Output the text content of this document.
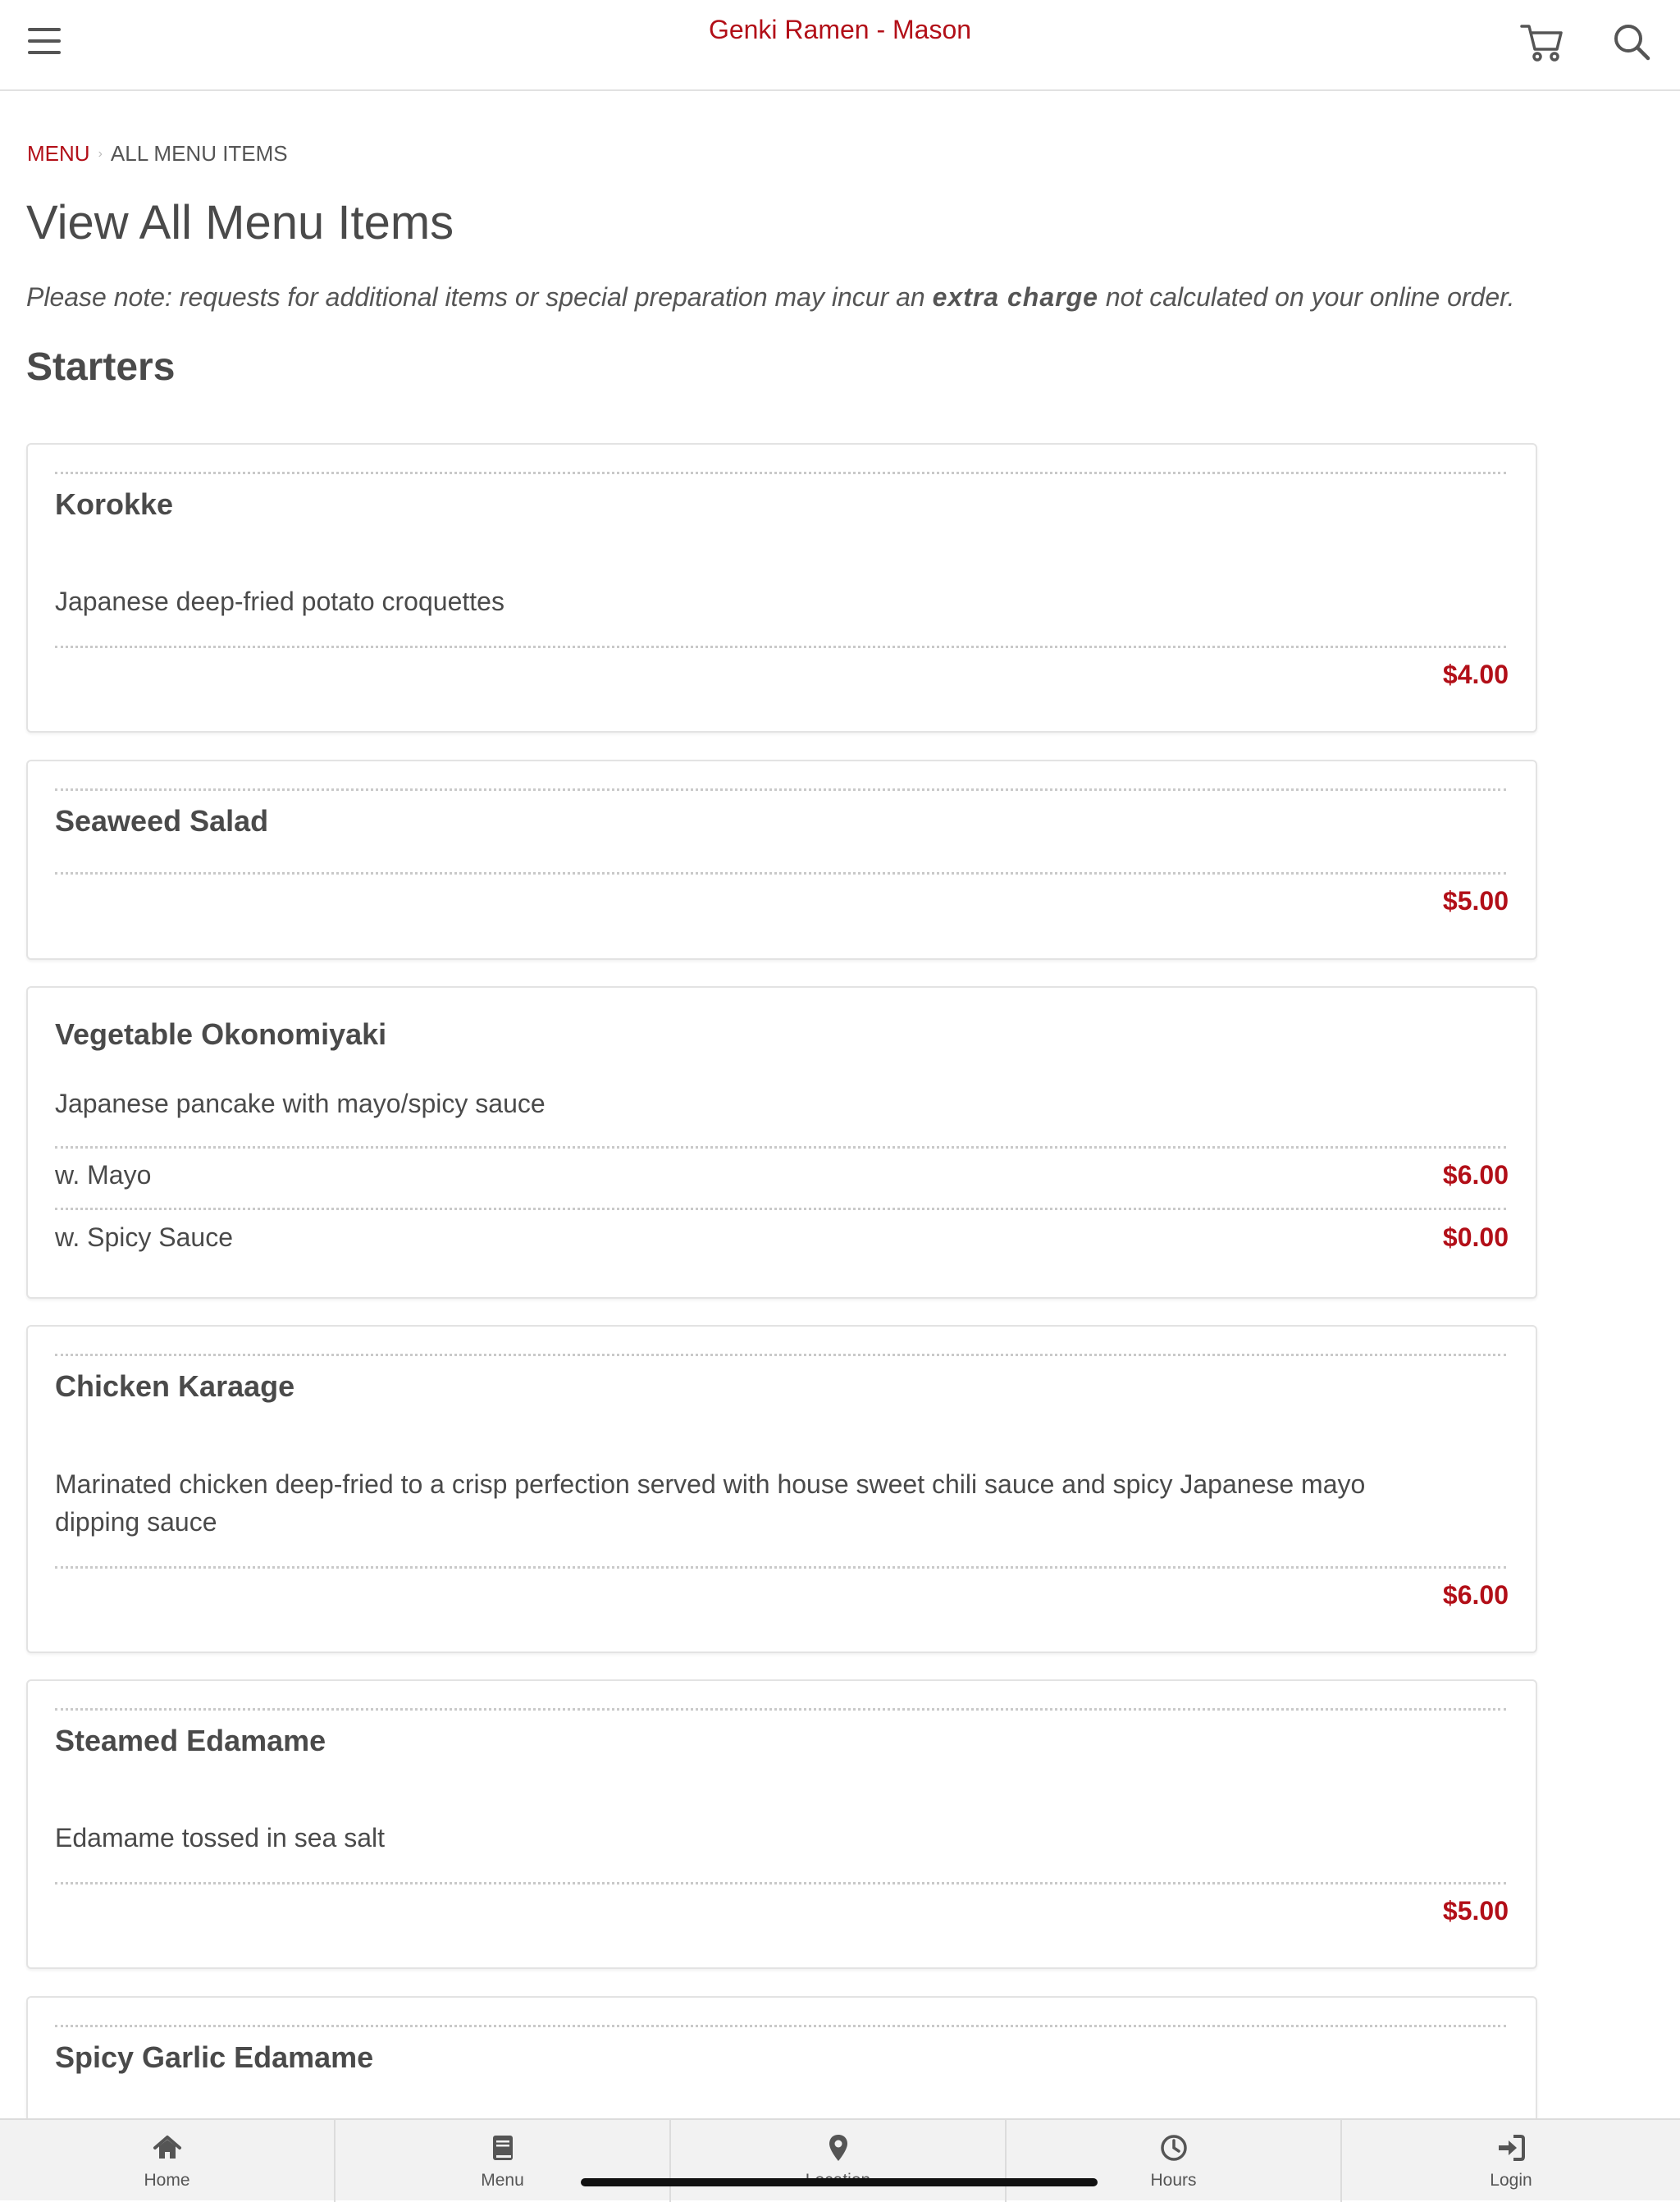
Genki Ramen - Mason
MENU › ALL MENU ITEMS
View All Menu Items

Please note: requests for additional items or special preparation may incur an extra charge not calculated on your online order.

Starters
Korokke
Japanese deep-fried potato croquettes
$4.00
Seaweed Salad
$5.00
Vegetable Okonomiyaki
Japanese pancake with mayo/spicy sauce
w. Mayo	$6.00
w. Spicy Sauce	$0.00
Chicken Karaage
Marinated chicken deep-fried to a crisp perfection served with house sweet chili sauce and spicy Japanese mayo dipping sauce
$6.00
Steamed Edamame
Edamame tossed in sea salt
$5.00
Spicy Garlic Edamame
Home	Menu	Hours	Login
